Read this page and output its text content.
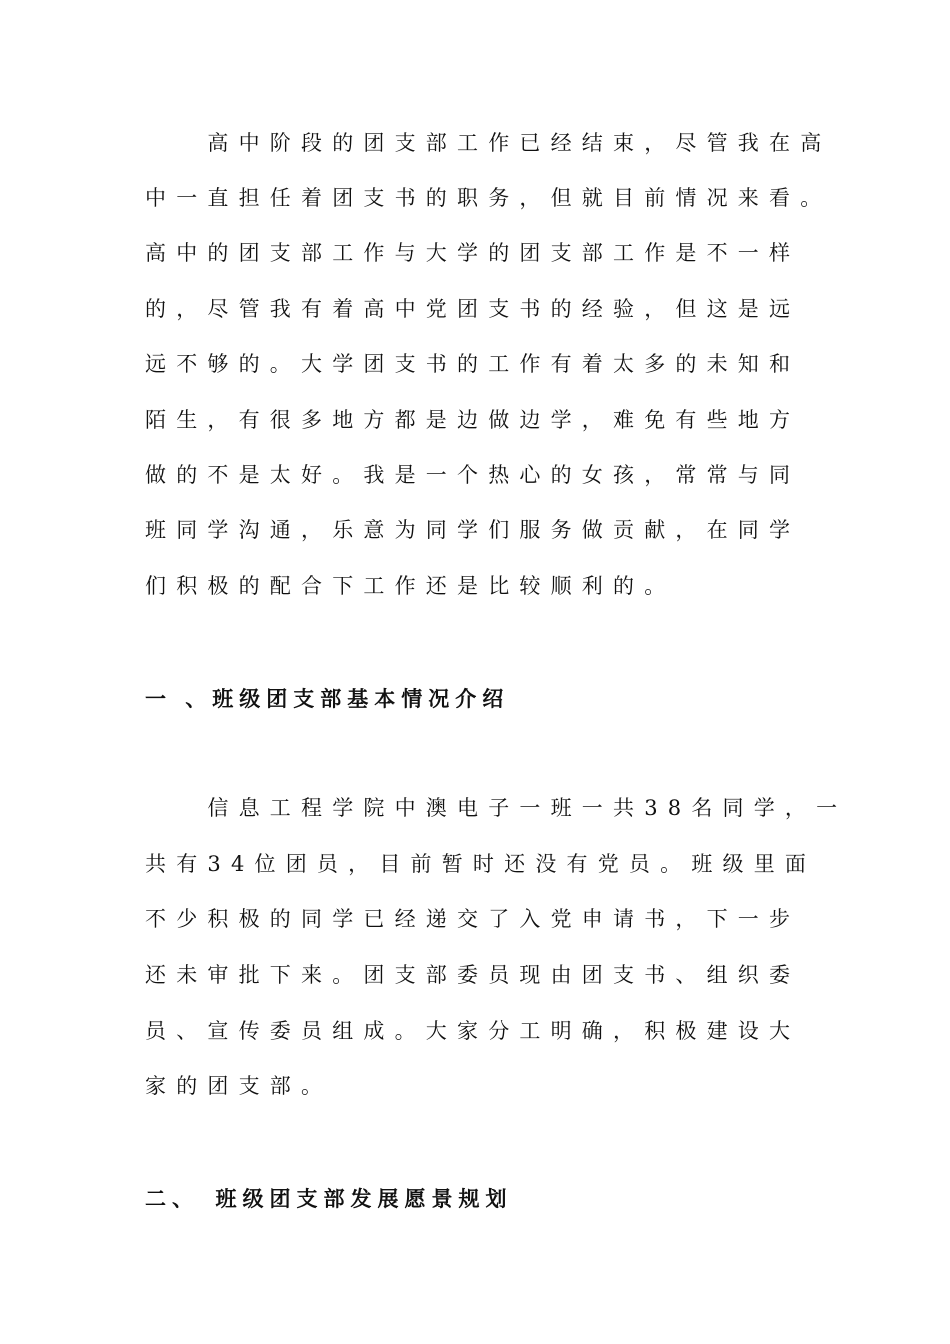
　　高中阶段的团支部工作已经结束，尽管我在高
中一直担任着团支书的职务，但就目前情况来看。
高中的团支部工作与大学的团支部工作是不一样
的，尽管我有着高中党团支书的经验，但这是远
远不够的。大学团支书的工作有着太多的未知和
陌生，有很多地方都是边做边学，难免有些地方
做的不是太好。我是一个热心的女孩，常常与同
班同学沟通，乐意为同学们服务做贡献，在同学
们积极的配合下工作还是比较顺利的。
一 、班级团支部基本情况介绍
　　信息工程学院中澳电子一班一共38名同学，一
共有34位团员，目前暂时还没有党员。班级里面
不少积极的同学已经递交了入党申请书，下一步
还未审批下来。团支部委员现由团支书、组织委
员、宣传委员组成。大家分工明确，积极建设大
家的团支部。
二、　班级团支部发展愿景规划
